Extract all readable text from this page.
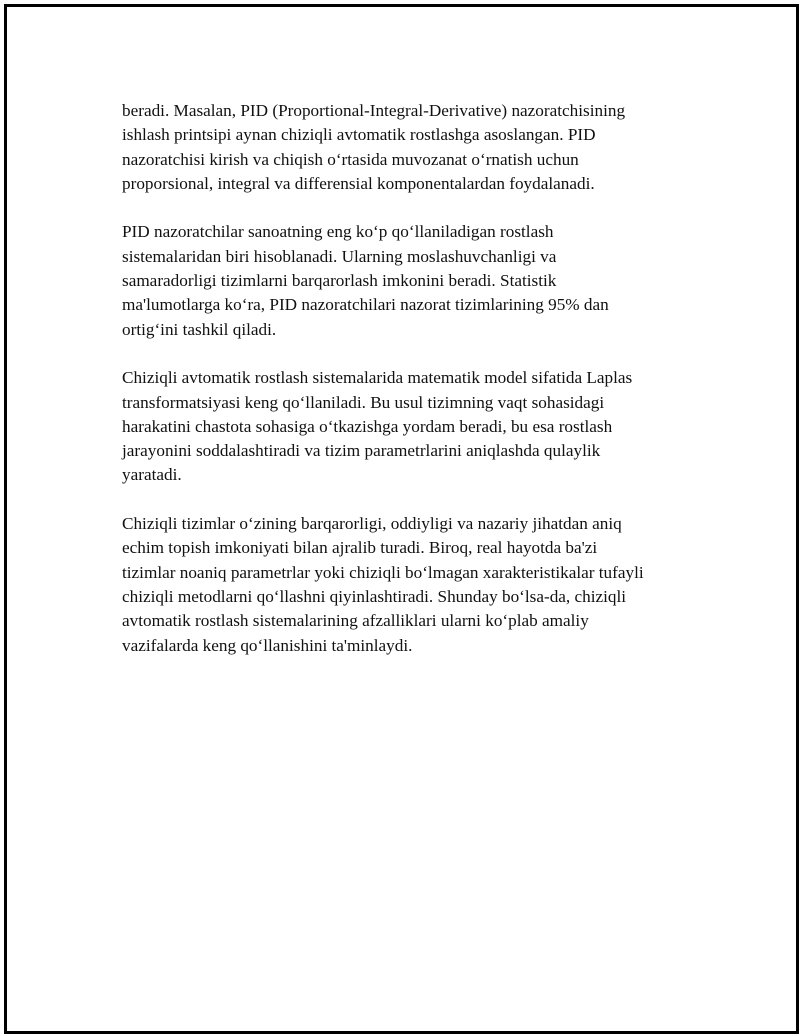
beradi. Masalan, PID (Proportional-Integral-Derivative) nazoratchisining
ishlash printsipi aynan chiziqli avtomatik rostlashga asoslangan. PID
nazoratchisi kirish va chiqish o‘rtasida muvozanat o‘rnatish uchun
proporsional, integral va differensial komponentalardan foydalanadi.

PID nazoratchilar sanoatning eng ko‘p qo‘llaniladigan rostlash
sistemalaridan biri hisoblanadi. Ularning moslashuvchanligi va
samaradorligi tizimlarni barqarorlash imkonini beradi. Statistik
ma'lumotlarga ko‘ra, PID nazoratchilari nazorat tizimlarining 95% dan
ortig‘ini tashkil qiladi.

Chiziqli avtomatik rostlash sistemalarida matematik model sifatida Laplas
transformatsiyasi keng qo‘llaniladi. Bu usul tizimning vaqt sohasidagi
harakatini chastota sohasiga o‘tkazishga yordam beradi, bu esa rostlash
jarayonini soddalashtiradi va tizim parametrlarini aniqlashda qulaylik
yaratadi.

Chiziqli tizimlar o‘zining barqarorligi, oddiyligi va nazariy jihatdan aniq
echim topish imkoniyati bilan ajralib turadi. Biroq, real hayotda ba'zi
tizimlar noaniq parametrlar yoki chiziqli bo‘lmagan xarakteristikalar tufayli
chiziqli metodlarni qo‘llashni qiyinlashtiradi. Shunday bo‘lsa-da, chiziqli
avtomatik rostlash sistemalarining afzalliklari ularni ko‘plab amaliy
vazifalarda keng qo‘llanishini ta'minlaydi.
